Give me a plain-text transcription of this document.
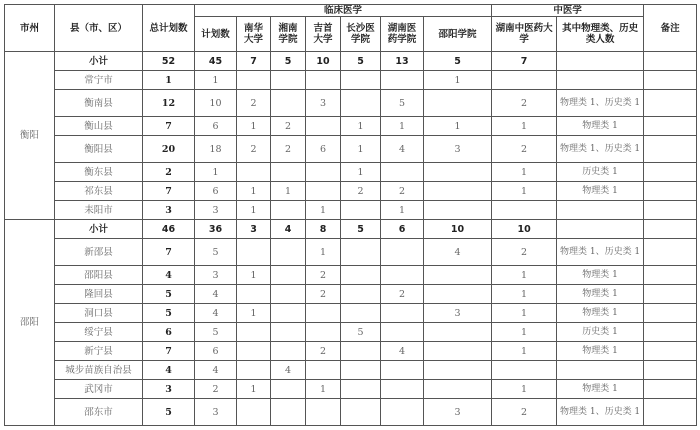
市州	县（市、区）	总计划数	临床医学							中医学		备注
			计划数	南华大学	湘南学院	吉首大学	长沙医学院	湖南医药学院	邵阳学院	湖南中医药大学	其中物理类、历史类人数	
衡阳	小计	52	45	7	5	10	5	13	5	7		
	常宁市	1	1						1			
	衡南县	12	10	2		3		5		2	物理类 1、历史类 1	
	衡山县	7	6	1	2		1	1	1	1	物理类 1	
	衡阳县	20	18	2	2	6	1	4	3	2	物理类 1、历史类 1	
	衡东县	2	1				1			1	历史类 1	
	祁东县	7	6	1	1		2	2		1	物理类 1	
	耒阳市	3	3	1		1		1				
邵阳	小计	46	36	3	4	8	5	6	10	10		
	新邵县	7	5			1			4	2	物理类 1、历史类 1	
	邵阳县	4	3	1		2				1	物理类 1	
	隆回县	5	4			2		2		1	物理类 1	
	洞口县	5	4	1					3	1	物理类 1	
	绥宁县	6	5				5			1	历史类 1	
	新宁县	7	6			2		4		1	物理类 1	
	城步苗族自治县	4	4		4							
	武冈市	3	2	1		1				1	物理类 1	
	邵东市	5	3						3	2	物理类 1、历史类 1	
